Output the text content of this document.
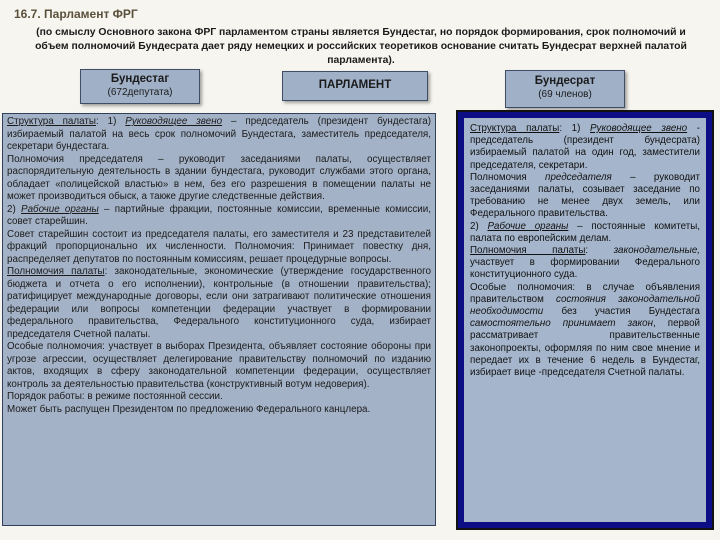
16.7. Парламент ФРГ
(по смыслу Основного закона ФРГ парламентом страны является Бундестаг, но порядок формирования, срок полномочий и объем полномочий Бундесрата дает ряду немецких и российских теоретиков основание считать Бундесрат верхней палатой парламента).
Бундестаг
(672депутата)
ПАРЛАМЕНТ	Бундесрат
(69 членов)

Структура палаты: 1) Руководящее звено – председатель (президент бундестага) избираемый палатой на весь срок полномочий Бундестага, заместитель председателя, секретари бундестага.

Полномочия председателя – руководит заседаниями палаты, осуществляет распорядительную деятельность в здании бундестага, руководит службами этого органа, обладает «полицейской властью» в нем, без его разрешения в помещении палаты не может производиться обыск, а также другие следственные действия.

2) Рабочие органы – партийные фракции, постоянные комиссии, временные комиссии, совет старейшин.

Совет старейшин состоит из председателя палаты, его заместителя и 23 представителей фракций пропорционально их численности. Полномочия: Принимает повестку дня, распределяет депутатов по постоянным комиссиям, решает процедурные вопросы.

Полномочия палаты: законодательные, экономические (утверждение государственного бюджета и отчета о его исполнении), контрольные (в отношении правительства); ратифицирует международные договоры, если они затрагивают политические отношения федерации или вопросы компетенции федерации участвует в формировании федерального правительства, Федерального конституционного суда, избирает председателя Счетной палаты.

Особые полномочия: участвует в выборах Президента, объявляет состояние обороны при угрозе агрессии, осуществляет делегирование правительству полномочий по изданию актов, входящих в сферу законодательной компетенции федерации, осуществляет контроль за деятельностью правительства (конструктивный вотум недоверия).

Порядок работы: в режиме постоянной сессии.

Может быть распущен Президентом по предложению Федерального канцлера.

Структура палаты: 1) Руководящее звено - председатель (президент бундесрата) избираемый палатой на один год, заместители председателя, секретари.

Полномочия председателя – руководит заседаниями палаты, созывает заседание по требованию не менее двух земель, или Федерального правительства.

2) Рабочие органы – постоянные комитеты, палата по европейским делам.

Полномочия палаты:	законодательные, участвует в формировании Федерального конституционного суда.

Особые полномочия: в случае объявления правительством состояния законодательной необходимости без участия Бундестага самостоятельно принимает закон, первой рассматривает правительственные законопроекты, оформляя по ним свое мнение и передает их в течение 6 недель в Бундестаг, избирает вице -председателя Счетной палаты.
